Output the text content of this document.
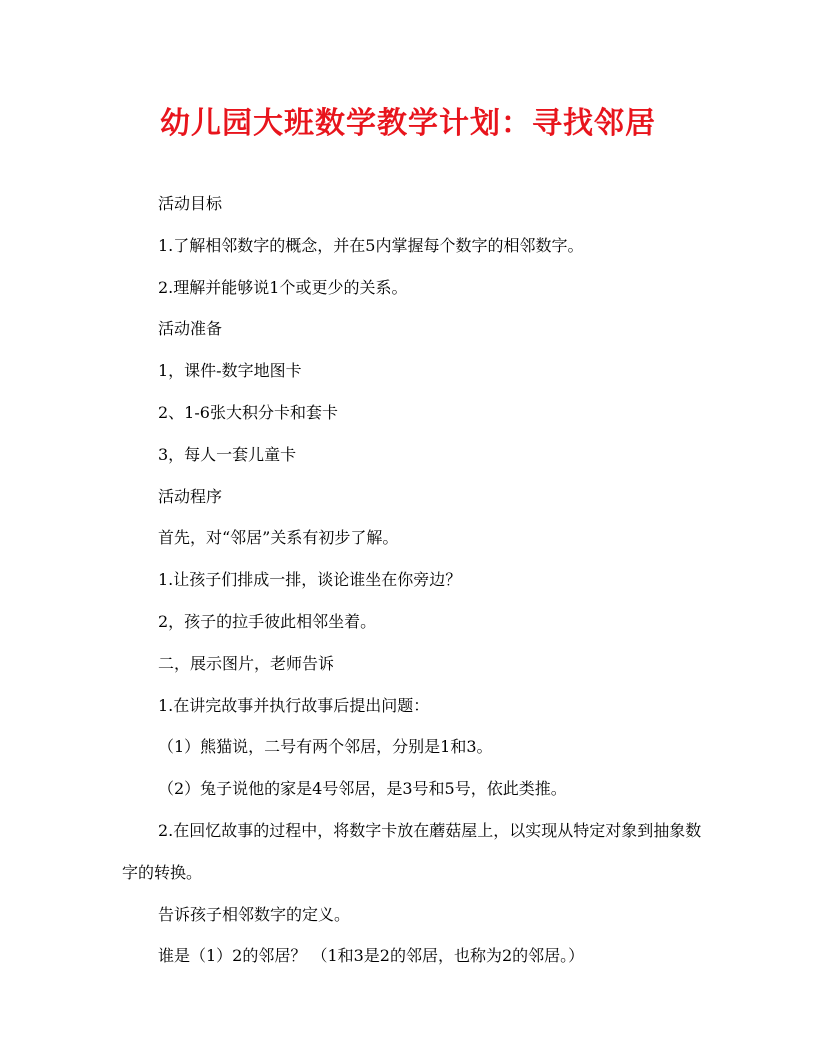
幼儿园大班数学教学计划：寻找邻居

活动目标

1.了解相邻数字的概念，并在5内掌握每个数字的相邻数字。

2.理解并能够说1个或更少的关系。

活动准备

1，课件-数字地图卡

2、1-6张大积分卡和套卡

3，每人一套儿童卡

活动程序

首先，对“邻居”关系有初步了解。

1.让孩子们排成一排，谈论谁坐在你旁边？

2，孩子的拉手彼此相邻坐着。

二，展示图片，老师告诉

1.在讲完故事并执行故事后提出问题：

（1）熊猫说，二号有两个邻居，分别是1和3。

（2）兔子说他的家是4号邻居，是3号和5号，依此类推。

2.在回忆故事的过程中，将数字卡放在蘑菇屋上，以实现从特定对象到抽象数字的转换。

告诉孩子相邻数字的定义。

谁是（1）2的邻居？ （1和3是2的邻居，也称为2的邻居。）
